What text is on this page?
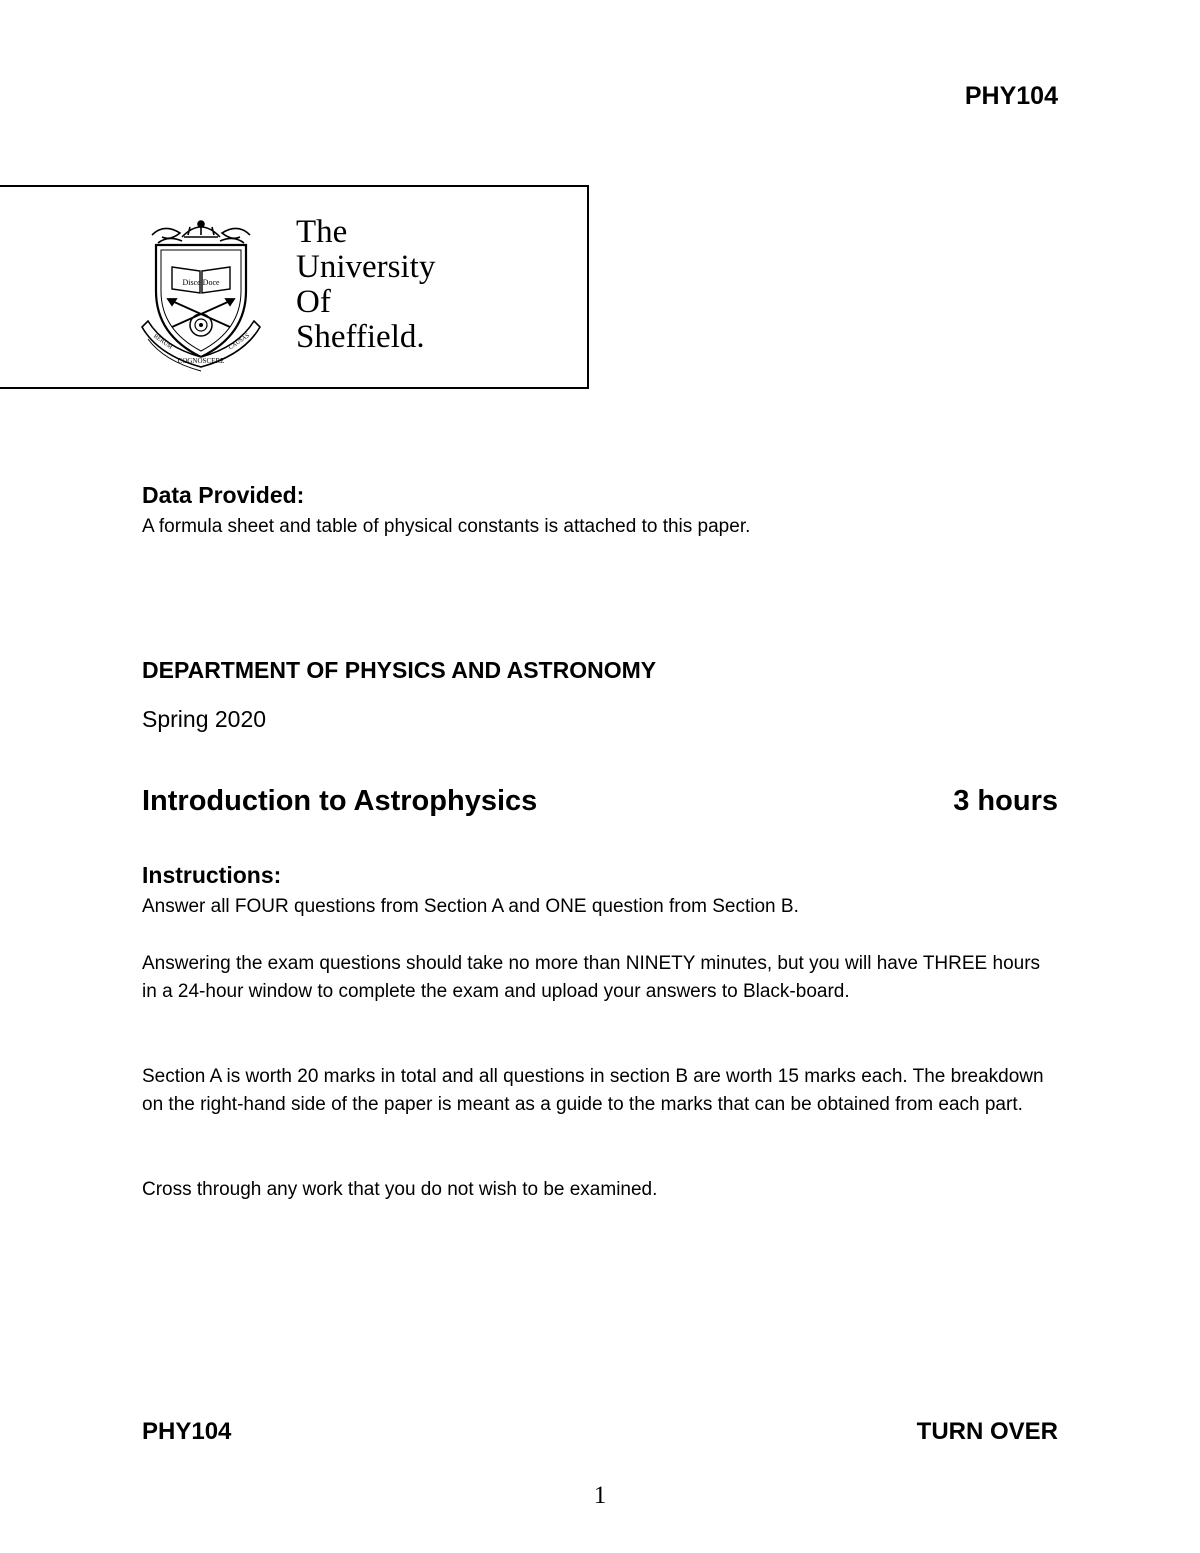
PHY104
Disce Doce
COGNOSCERE
RERUM	CAUSAS
The
University
Of
Sheffield.
Data Provided:
A formula sheet and table of physical constants is attached to this paper.
DEPARTMENT OF PHYSICS AND ASTRONOMY
Spring 2020
Introduction to Astrophysics	3 hours
Instructions:
Answer all FOUR questions from Section A and ONE question from Section B.
Answering the exam questions should take no more than NINETY minutes, but you will have THREE hours in a 24-hour window to complete the exam and upload your answers to Black-board.
Section A is worth 20 marks in total and all questions in section B are worth 15 marks each. The breakdown on the right-hand side of the paper is meant as a guide to the marks that can be obtained from each part.
Cross through any work that you do not wish to be examined.
PHY104	TURN OVER
1
